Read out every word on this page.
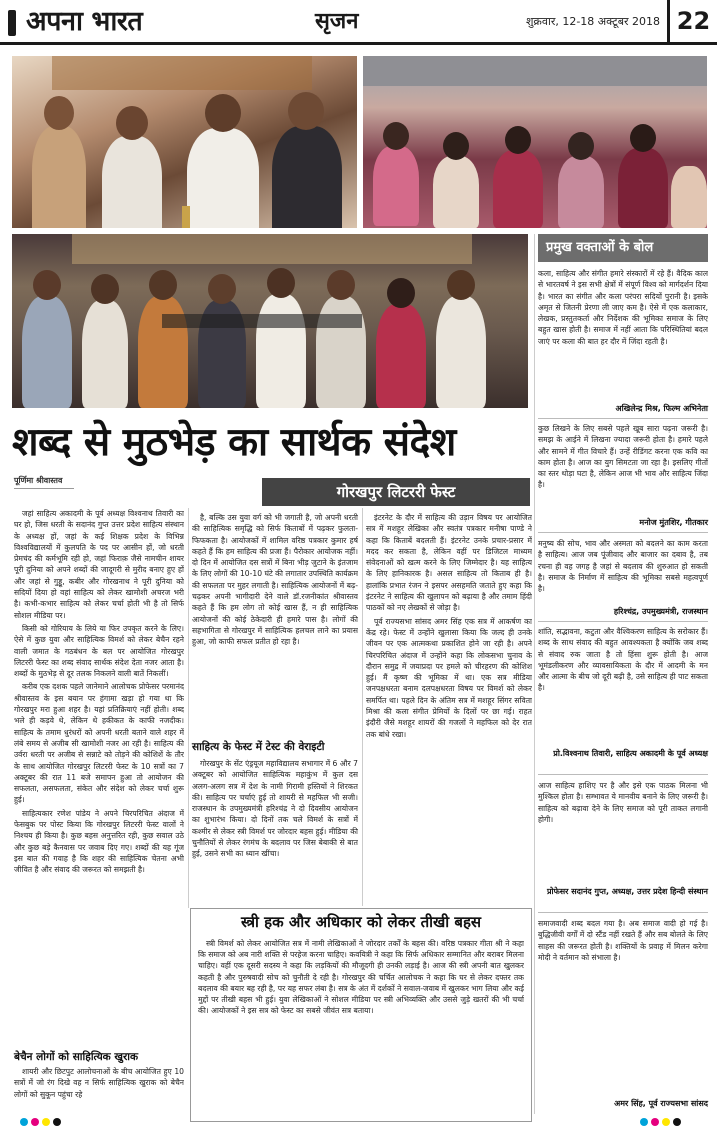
अपना भारत	सृजन	शुक्रवार, 12-18 अक्टूबर 2018 22
प्रमुख वक्ताओं के बोल
कला, साहित्य और संगीत हमारे संस्कारों में रहे हैं। वैदिक काल से भारतवर्ष ने इस सभी क्षेत्रों में संपूर्ण विश्व को मार्गदर्शन दिया है। भारत का संगीत और कला परंपरा सदियों पुरानी है। इसके अमृत से जितनी प्रेरणा ली जाए कम है। ऐसे में एक कलाकार, लेखक, प्रस्तुतकर्ता और निर्देशक की भूमिका समाज के लिए बहुत खास होती है। समाज में नहीं आता कि परिस्थितियां बदल जाएं पर कला की बात हर दौर में जिंदा रहती है।
अखिलेन्द्र मिश्र, फिल्म अभिनेता
कुछ लिखने के लिए सबसे पहले खूब सारा पढ़ना जरूरी है। समझ के आईने में लिखना ज्यादा जरूरी होता है। हमारे पहले और सामने में गीत विचारे हैं। उन्हें रीडिंगट करना एक कवि का काम होता है। आज का युग सिमटता जा रहा है। इसलिए गीतों का स्तर थोड़ा घटा है, लेकिन आज भी भाव और साहित्य जिंदा है।
मनोज मुंतशिर, गीतकार
मनुष्य की सोच, भाव और अस्मता को बदलने का काम करता है साहित्य। आज जब पूंजीवाद और बाजार का दबाव है, तब रचना ही वह जगह है जहां से बदलाव की शुरुआत हो सकती है। समाज के निर्माण में साहित्य की भूमिका सबसे महत्वपूर्ण है।
हरिश्चंद्र, उपमुख्यमंत्री, राजस्थान
शांति, सद्भावना, कटुता और वैश्विकरण साहित्य के सरोकार हैं। शब्द के साथ संवाद की बहुत आवश्यकता है क्योंकि जब शब्द से संवाद रुक जाता है तो हिंसा शुरू होती है। आज भूमंडलीकरण और व्यावसायिकता के दौर में आदमी के मन और आत्मा के बीच जो दूरी बढ़ी है, उसे साहित्य ही पाट सकता है।
प्रो.विश्वनाथ तिवारी, साहित्य अकादमी के पूर्व अध्यक्ष
आज साहित्य हाशिए पर है और इसे एक पाठक मिलना भी मुश्किल होता है। सम्भावत ये मानवीय बनाने के लिए जरूरी है। साहित्य को बढ़ावा देने के लिए समाज को पूरी ताकत लगानी होगी।
प्रोफेसर सदानंद गुप्त, अध्यक्ष, उत्तर प्रदेश हिन्दी संस्थान
समाजवादी शब्द बदल गया है। अब समाज वादी हो गई है। बुद्धिजीवी वर्गों में दो स्टैंड नहीं रखते हैं और सब बोलते के लिए साहस की जरूरत होती है। शक्तियों के प्रवाह में मिलन करेगा मोदी ने वर्तमान को संभाला है।
अमर सिंह, पूर्व राज्यसभा सांसद
शब्द से मुठभेड़ का सार्थक संदेश
पूर्णिमा श्रीवास्तव
गोरखपुर लिटररी फेस्ट

जहां साहित्य अकादमी के पूर्व अध्यक्ष विश्वनाथ तिवारी का घर हो, जिस धरती के सदानंद गुप्त उत्तर प्रदेश साहित्य संस्थान के अध्यक्ष हों, जहां के कई शिक्षक प्रदेश के विभिन्न विश्वविद्यालयों में कुलपति के पद पर आसीन हों, जो धरती प्रेमचंद की कर्मभूमि रही हो, जहां फिराक़ जैसे नामचीन शायर पूरी दुनिया को अपने शब्दों की जादूगरी से मुरीद बनाए हुए हों और जहां से गुड्डू, कबीर और गोरखनाथ ने पूरी दुनिया को सदियों दिया हो वहां साहित्य को लेकर खामोशी अचरज भरी है। कभी-कभार साहित्य को लेकर चर्चा होती भी है तो सिर्फ सोशल मीडिया पर।

किसी को गोरियाय के लिये या फिर उपकृत करने के लिए। ऐसे में कुछ युवा और साहित्यिक विमर्श को लेकर बेचैन रहने वाली जमात के गठबंधन के बल पर आयोजित गोरखपुर लिटररी फेस्ट का शब्द संवाद सार्थक संदेश देता नजर आता है। शब्दों के मुठभेड़ से दूर तलक निकलने वाली बातें निकलीं।

करीब एक दशक पहले जानेमाने आलोचक प्रोफेसर परमानंद श्रीवास्तव के इस बयान पर हंगामा खड़ा हो गया था कि गोरखपुर मरा हुआ शहर है। यहां प्रतिक्रियाएं नहीं होती। शब्द भले ही कड़वे थे, लेकिन थे हकीकत के काफी नजदीक। साहित्य के तमाम धुरंधरों को अपनी धरती बताने वाले शहर में लंबे समय से अजीब सी खामोशी नजर आ रही है। साहित्य की उर्वरा धरती पर अजीब से सन्नाटे को तोड़ने की कोशिशें के तौर के साथ आयोजित गोरखपुर लिटररी फेस्ट के 10 सत्रों का 7 अक्टूबर की रात 11 बजे समापन हुआ तो आयोजन की सफलता, असफलता, संकेत और संदेश को लेकर चर्चा शुरू हुई।

साहित्यकार रणेश पांडेय ने अपने चिरपरिचित अंदाज में फेसबुक पर पोस्ट किया कि गोरखपुर लिटररी फेस्ट वालों ने निश्चय ही किया है। कुछ बहस अनुत्तरित रही, कुछ सवाल उठे और कुछ बड़े कैनवास पर जवाब दिए गए। शब्दों की यह गूंज इस बात की गवाह है कि शहर की साहित्यिक चेतना अभी जीवित है और संवाद की जरूरत को समझती है।

है, बल्कि उस युवा वर्ग को भी जगाती है, जो अपनी धरती की साहित्यिक समृद्धि को सिर्फ किताबों में पढ़कर फुलता-फिफकता है। आयोजकों में शामिल वरिष्ठ पत्रकार कुमार हर्ष कहते हैं कि हम साहित्य की प्रजा हैं। पैरोकार आयोजक नहीं। दो दिन में आयोजित दस सत्रों में बिना भीड़ जुटाने के इंतजाम के लिए लोगों की 10-10 घंटे की लगातार उपस्थिति कार्यक्रम की सफलता पर मुहर लगाती है। साहित्यिक आयोजनों में बढ़-चढ़कर अपनी भागीदारी देने वाले डॉ.रजनीकांत श्रीवास्तव कहते हैं कि हम लोग तो कोई खास हैं, न ही साहित्यिक आयोजनों की कोई ठेकेदारी ही हमारे पास है। लोगों की सहभागिता से गोरखपुर में साहित्यिक हलचल लाने का प्रयास हुआ, जो काफी सफल प्रतीत हो रहा है।

साहित्य के फेस्ट में टेस्ट की वेराइटी

गोरखपुर के सेंट एंड्रयूज महाविद्यालय सभागार में 6 और 7 अक्टूबर को आयोजित साहित्यिक महाकुंभ में कुल दस अलग-अलग सत्र में देश के नामी गिरामी हस्तियों ने शिरकत की। साहित्य पर चर्चाएं हुई तो शायरी से महफिल भी सजी। राजस्थान के उपमुख्यमंत्री हरिश्चंद्र ने दो दिवसीय आयोजन का शुभारंभ किया। दो दिनों तक चले विमर्श के सत्रों में कश्मीर से लेकर स्त्री विमर्श पर जोरदार बहस हुई। मीडिया की चुनौतियों से लेकर रंगमंच के बदलाव पर जिस बेबाकी से बात हुई, उसने सभी का ध्यान खींचा।

इंटरनेट के दौर में साहित्य की उड़ान विषय पर आयोजित सत्र में मशहूर लेखिका और स्वतंत्र पत्रकार मनीषा पाण्डे ने कहा कि किताबें बदलती हैं। इंटरनेट उनके प्रचार-प्रसार में मदद कर सकता है, लेकिन वहीं पर डिजिटल माध्यम संवेदनाओं को खत्म करने के लिए जिम्मेदार है। यह साहित्य के लिए हानिकारक है। असल साहित्य तो किताब ही है। हालांकि प्रभात रंजन ने इसपर असहमति जताते हुए कहा कि इंटरनेट ने साहित्य की खुलापन को बढ़ाया है और तमाम हिंदी पाठकों को नए लेखकों से जोड़ा है।

पूर्व राज्यसभा सांसद अमर सिंह एक सत्र में आकर्षण का केंद्र रहे। फेस्ट में उन्होंने खुलासा किया कि जल्द ही उनके जीवन पर एक आत्मकथा प्रकाशित होने जा रही है। अपने चिरपरिचित अंदाज में उन्होंने कहा कि लोकसभा चुनाव के दौरान समुद्र में जयाप्रदा पर हमले को चीरहरण की कोशिश हुई। मैं कृष्ण की भूमिका में था। एक सत्र मीडिया जनपक्षधरता बनाम दलपक्षधरता विषय पर विमर्श को लेकर समर्पित था। पहले दिन के अंतिम सत्र में मशहूर सिंगर सविता मिश्रा की कला संगीत प्रेमियों के दिलों पर छा गई। राहत इंदौरी जैसे मशहूर शायरों की गजलों ने महफिल को देर रात तक बांधे रखा।

बेचैन लोगों को साहित्यिक खुराक
शायरी और छिटपुट आलोचनाओं के बीच आयोजित हुए 10 सत्रों में जो रंग दिखे वह न सिर्फ साहित्यिक खुराक को बेचैन लोगों को सुकून पहुंचा रहे
स्त्री हक और अधिकार को लेकर तीखी बहस
स्त्री विमर्श को लेकर आयोजित सत्र में नामी लेखिकाओं ने जोरदार तर्कों के बहस की। वरिष्ठ पत्रकार गीता श्री ने कहा कि समाज को अब नारी शक्ति से परहेज करना चाहिए। कवयित्री ने कहा कि सिर्फ अधिकार सम्मानित और बराबर मिलना चाहिए। वहीं एक दूसरी सदस्य ने कहा कि लड़कियों की मौजूदगी ही उनकी लड़ाई है। आज की स्त्री अपनी बात खुलकर कहती है और पुरुषवादी सोच को चुनौती दे रही है। गोरखपुर की चर्चित आलोचक ने कहा कि घर से लेकर दफ्तर तक बदलाव की बयार बह रही है, पर यह सफर लंबा है। सत्र के अंत में दर्शकों ने सवाल-जवाब में खुलकर भाग लिया और कई मुद्दों पर तीखी बहस भी हुई। युवा लेखिकाओं ने सोशल मीडिया पर स्त्री अभिव्यक्ति और उससे जुड़े खतरों की भी चर्चा की। आयोजकों ने इस सत्र को फेस्ट का सबसे जीवंत सत्र बताया।
